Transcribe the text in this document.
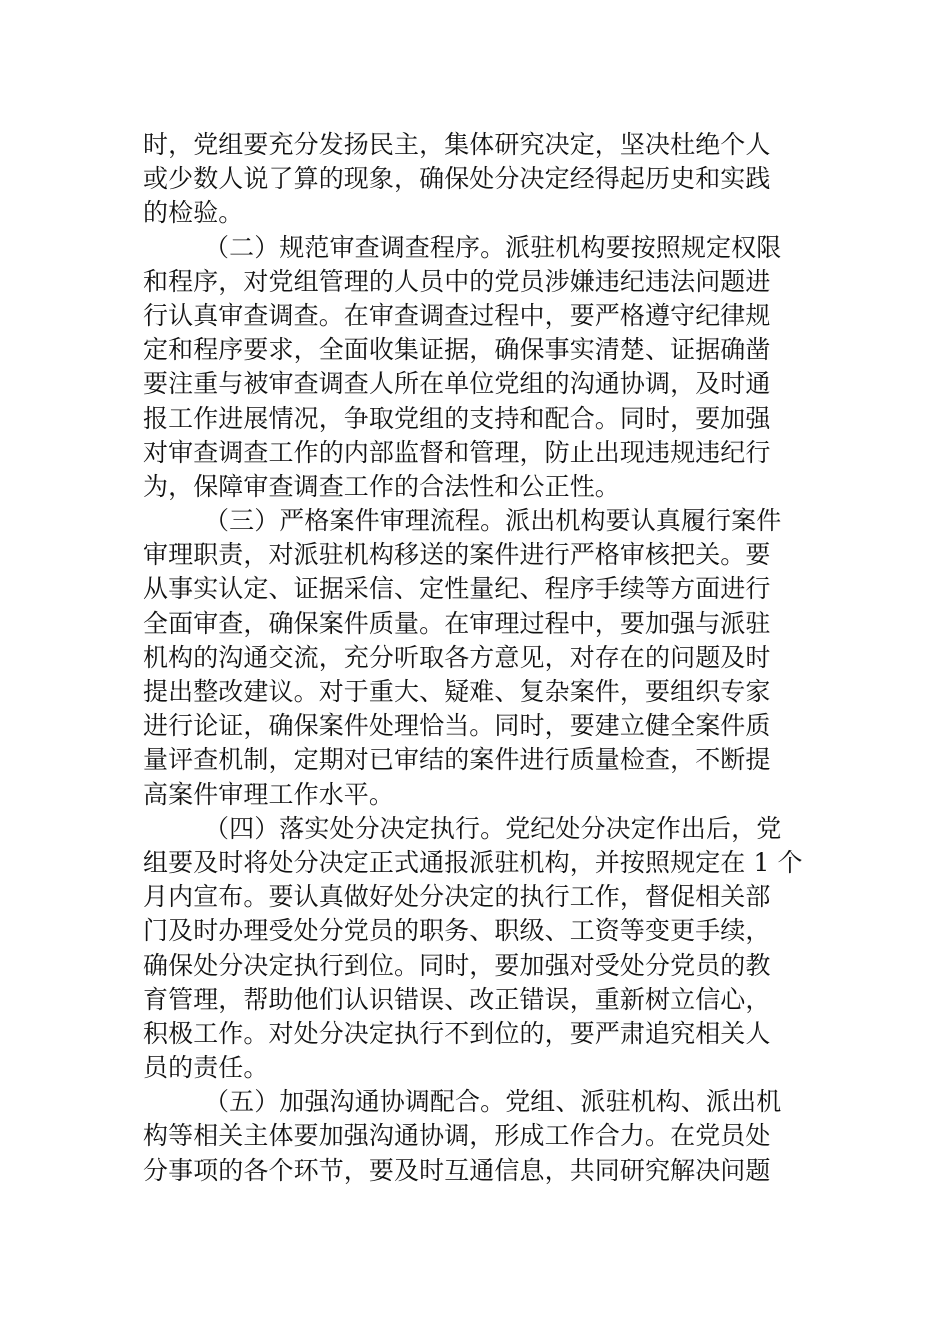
时，党组要充分发扬民主，集体研究决定，坚决杜绝个人
或少数人说了算的现象，确保处分决定经得起历史和实践
的检验。
（二）规范审查调查程序。派驻机构要按照规定权限
和程序，对党组管理的人员中的党员涉嫌违纪违法问题进
行认真审查调查。在审查调查过程中，要严格遵守纪律规
定和程序要求，全面收集证据，确保事实清楚、证据确凿
要注重与被审查调查人所在单位党组的沟通协调，及时通
报工作进展情况，争取党组的支持和配合。同时，要加强
对审查调查工作的内部监督和管理，防止出现违规违纪行
为，保障审查调查工作的合法性和公正性。
（三）严格案件审理流程。派出机构要认真履行案件
审理职责，对派驻机构移送的案件进行严格审核把关。要
从事实认定、证据采信、定性量纪、程序手续等方面进行
全面审查，确保案件质量。在审理过程中，要加强与派驻
机构的沟通交流，充分听取各方意见，对存在的问题及时
提出整改建议。对于重大、疑难、复杂案件，要组织专家
进行论证，确保案件处理恰当。同时，要建立健全案件质
量评查机制，定期对已审结的案件进行质量检查，不断提
高案件审理工作水平。
（四）落实处分决定执行。党纪处分决定作出后，党
组要及时将处分决定正式通报派驻机构，并按照规定在 1 个
月内宣布。要认真做好处分决定的执行工作，督促相关部
门及时办理受处分党员的职务、职级、工资等变更手续，
确保处分决定执行到位。同时，要加强对受处分党员的教
育管理，帮助他们认识错误、改正错误，重新树立信心，
积极工作。对处分决定执行不到位的，要严肃追究相关人
员的责任。
（五）加强沟通协调配合。党组、派驻机构、派出机
构等相关主体要加强沟通协调，形成工作合力。在党员处
分事项的各个环节，要及时互通信息，共同研究解决问题
